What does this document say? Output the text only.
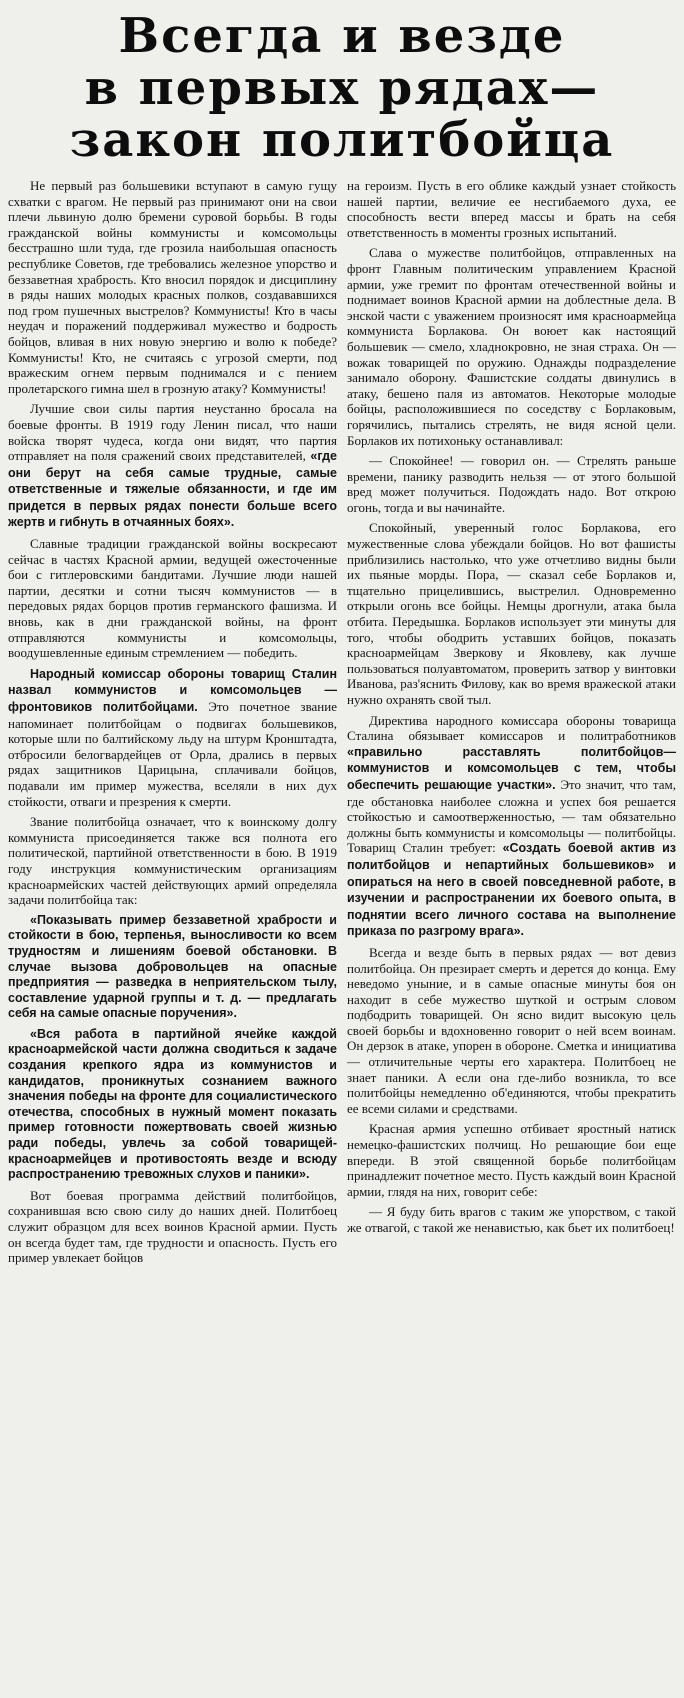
Всегда и везде
в первых рядах—
закон политбойца

Не первый раз большевики вступают в самую гущу схватки с врагом. Не первый раз принимают они на свои плечи львиную долю бремени суровой борьбы. В годы гражданской войны коммунисты и комсомольцы бесстрашно шли туда, где грозила наибольшая опасность республике Советов, где требовались железное упорство и беззаветная храбрость. Кто вносил порядок и дисциплину в ряды наших молодых красных полков, создававшихся под гром пушечных выстрелов? Коммунисты! Кто в часы неудач и поражений поддерживал мужество и бодрость бойцов, вливая в них новую энергию и волю к победе? Коммунисты! Кто, не считаясь с угрозой смерти, под вражеским огнем первым поднимался и с пением пролетарского гимна шел в грозную атаку? Коммунисты!

Лучшие свои силы партия неустанно бросала на боевые фронты. В 1919 году Ленин писал, что наши войска творят чудеса, когда они видят, что партия отправляет на поля сражений своих представителей, «где они берут на себя самые трудные, самые ответственные и тяжелые обязанности, и где им придется в первых рядах понести больше всего жертв и гибнуть в отчаянных боях».

Славные традиции гражданской войны воскресают сейчас в частях Красной армии, ведущей ожесточенные бои с гитлеровскими бандитами. Лучшие люди нашей партии, десятки и сотни тысяч коммунистов — в передовых рядах борцов против германского фашизма. И вновь, как в дни гражданской войны, на фронт отправляются коммунисты и комсомольцы, воодушевленные единым стремлением — победить.

Народный комиссар обороны товарищ Сталин назвал коммунистов и комсомольцев — фронтовиков политбойцами. Это почетное звание напоминает политбойцам о подвигах большевиков, которые шли по балтийскому льду на штурм Кронштадта, отбросили белогвардейцев от Орла, дрались в первых рядах защитников Царицына, сплачивали бойцов, подавали им пример мужества, вселяли в них дух стойкости, отваги и презрения к смерти.

Звание политбойца означает, что к воинскому долгу коммуниста присоединяется также вся полнота его политической, партийной ответственности в бою. В 1919 году инструкция коммунистическим организациям красноармейских частей действующих армий определяла задачи политбойца так:

«Показывать пример беззаветной храбрости и стойкости в бою, терпенья, выносливости ко всем трудностям и лишениям боевой обстановки. В случае вызова добровольцев на опасные предприятия — разведка в неприятельском тылу, составление ударной группы и т. д. — предлагать себя на самые опасные поручения».

«Вся работа в партийной ячейке каждой красноармейской части должна сводиться к задаче создания крепкого ядра из коммунистов и кандидатов, проникнутых сознанием важного значения победы на фронте для социалистического отечества, способных в нужный момент показать пример готовности пожертвовать своей жизнью ради победы, увлечь за собой товарищей-красноармейцев и противостоять везде и всюду распространению тревожных слухов и паники».

Вот боевая программа действий политбойцов, сохранившая всю свою силу до наших дней. Политбоец служит образцом для всех воинов Красной армии. Пусть он всегда будет там, где трудности и опасность. Пусть его пример увлекает бойцов

на героизм. Пусть в его облике каждый узнает стойкость нашей партии, величие ее несгибаемого духа, ее способность вести вперед массы и брать на себя ответственность в моменты грозных испытаний.

Слава о мужестве политбойцов, отправленных на фронт Главным политическим управлением Красной армии, уже гремит по фронтам отечественной войны и поднимает воинов Красной армии на доблестные дела. В энской части с уважением произносят имя красноармейца коммуниста Борлакова. Он воюет как настоящий большевик — смело, хладнокровно, не зная страха. Он — вожак товарищей по оружию. Однажды подразделение занимало оборону. Фашистские солдаты двинулись в атаку, бешено паля из автоматов. Некоторые молодые бойцы, расположившиеся по соседству с Борлаковым, горячились, пытались стрелять, не видя ясной цели. Борлаков их потихоньку останавливал:

— Спокойнее! — говорил он. — Стрелять раньше времени, панику разводить нельзя — от этого большой вред может получиться. Подождать надо. Вот открою огонь, тогда и вы начинайте.

Спокойный, уверенный голос Борлакова, его мужественные слова убеждали бойцов. Но вот фашисты приблизились настолько, что уже отчетливо видны были их пьяные морды. Пора, — сказал себе Борлаков и, тщательно прицелившись, выстрелил. Одновременно открыли огонь все бойцы. Немцы дрогнули, атака была отбита. Передышка. Борлаков использует эти минуты для того, чтобы ободрить уставших бойцов, показать красноармейцам Зверкову и Яковлеву, как лучше пользоваться полуавтоматом, проверить затвор у винтовки Иванова, раз'яснить Филову, как во время вражеской атаки нужно охранять свой тыл.

Директива народного комиссара обороны товарища Сталина обязывает комиссаров и политработников «правильно расставлять политбойцов—коммунистов и комсомольцев с тем, чтобы обеспечить решающие участки». Это значит, что там, где обстановка наиболее сложна и успех боя решается стойкостью и самоотверженностью, — там обязательно должны быть коммунисты и комсомольцы — политбойцы. Товарищ Сталин требует: «Создать боевой актив из политбойцов и непартийных большевиков» и опираться на него в своей повседневной работе, в изучении и распространении их боевого опыта, в поднятии всего личного состава на выполнение приказа по разгрому врага».

Всегда и везде быть в первых рядах — вот девиз политбойца. Он презирает смерть и дерется до конца. Ему неведомо уныние, и в самые опасные минуты боя он находит в себе мужество шуткой и острым словом подбодрить товарищей. Он ясно видит высокую цель своей борьбы и вдохновенно говорит о ней всем воинам. Он дерзок в атаке, упорен в обороне. Сметка и инициатива — отличительные черты его характера. Политбоец не знает паники. А если она где-либо возникла, то все политбойцы немедленно об'единяются, чтобы прекратить ее всеми силами и средствами.

Красная армия успешно отбивает яростный натиск немецко-фашистских полчищ. Но решающие бои еще впереди. В этой священной борьбе политбойцам принадлежит почетное место. Пусть каждый воин Красной армии, глядя на них, говорит себе:

— Я буду бить врагов с таким же упорством, с такой же отвагой, с такой же ненавистью, как бьет их политбоец!
